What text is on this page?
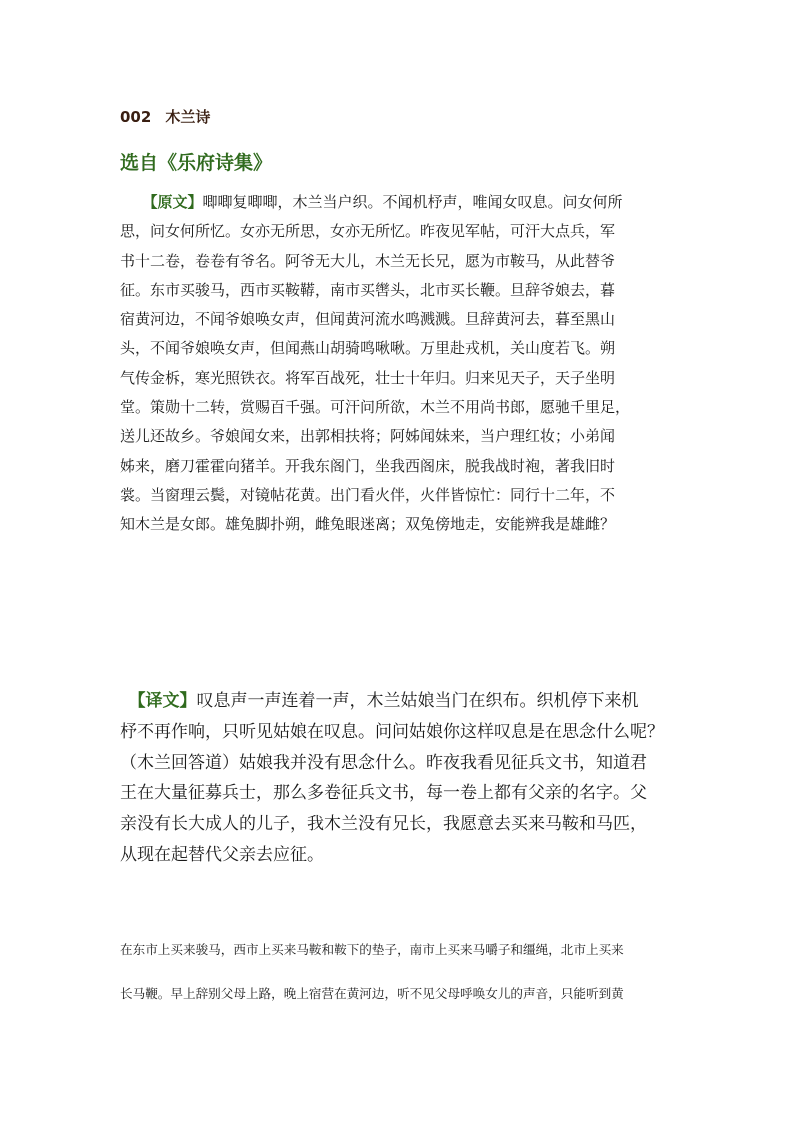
002 木兰诗
选自《乐府诗集》
　　【原文】唧唧复唧唧，木兰当户织。不闻机杼声，唯闻女叹息。问女何所
思，问女何所忆。女亦无所思，女亦无所忆。昨夜见军帖，可汗大点兵，军
书十二卷，卷卷有爷名。阿爷无大儿，木兰无长兄，愿为市鞍马，从此替爷
征。东市买骏马，西市买鞍鞯，南市买辔头，北市买长鞭。旦辞爷娘去，暮
宿黄河边，不闻爷娘唤女声，但闻黄河流水鸣溅溅。旦辞黄河去，暮至黑山
头，不闻爷娘唤女声，但闻燕山胡骑鸣啾啾。万里赴戎机，关山度若飞。朔
气传金柝，寒光照铁衣。将军百战死，壮士十年归。归来见天子，天子坐明
堂。策勋十二转，赏赐百千强。可汗问所欲，木兰不用尚书郎，愿驰千里足，
送儿还故乡。爷娘闻女来，出郭相扶将；阿姊闻妹来，当户理红妆；小弟闻
姊来，磨刀霍霍向猪羊。开我东阁门，坐我西阁床，脱我战时袍，著我旧时
裳。当窗理云鬓，对镜帖花黄。出门看火伴，火伴皆惊忙：同行十二年，不
知木兰是女郎。雄兔脚扑朔，雌兔眼迷离；双兔傍地走，安能辨我是雄雌？
　【译文】叹息声一声连着一声，木兰姑娘当门在织布。织机停下来机
杼不再作响，只听见姑娘在叹息。问问姑娘你这样叹息是在思念什么呢？
（木兰回答道）姑娘我并没有思念什么。昨夜我看见征兵文书，知道君
王在大量征募兵士，那么多卷征兵文书，每一卷上都有父亲的名字。父
亲没有长大成人的儿子，我木兰没有兄长，我愿意去买来马鞍和马匹，
从现在起替代父亲去应征。
在东市上买来骏马，西市上买来马鞍和鞍下的垫子，南市上买来马嚼子和缰绳，北市上买来
长马鞭。早上辞别父母上路，晚上宿营在黄河边，听不见父母呼唤女儿的声音，只能听到黄
